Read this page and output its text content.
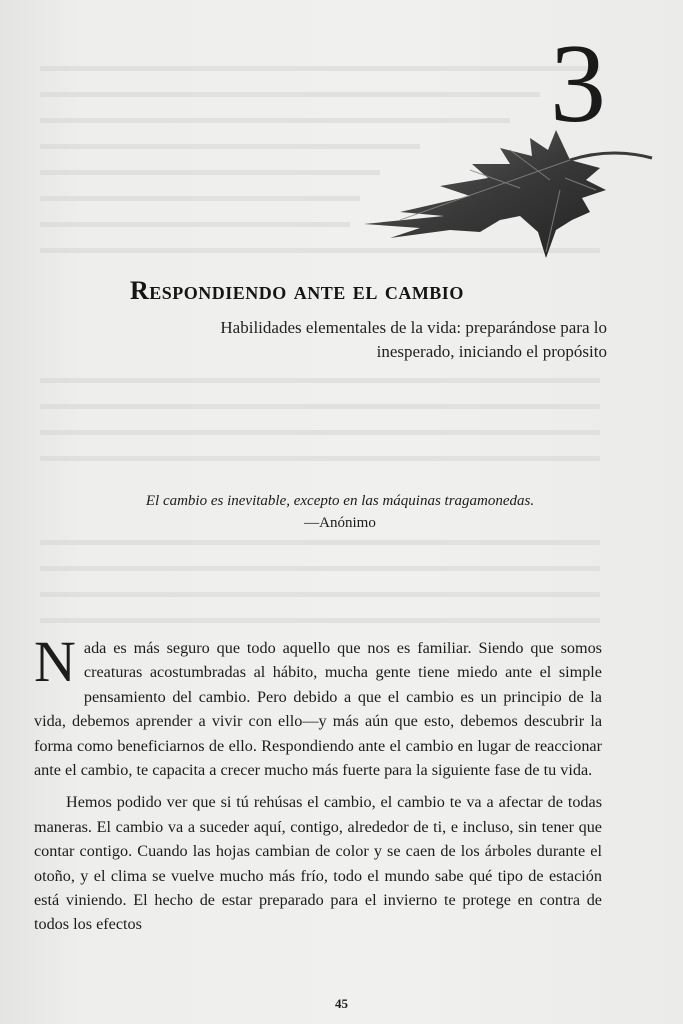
3
Respondiendo ante el cambio
Habilidades elementales de la vida: preparándose para lo
inesperado, iniciando el propósito
El cambio es inevitable, excepto en las máquinas tragamonedas.
—Anónimo

Nada es más seguro que todo aquello que nos es familiar. Siendo que somos creaturas acostumbradas al hábito, mucha gente tiene miedo ante el simple pensamiento del cambio. Pero debido a que el cambio es un principio de la vida, debemos aprender a vivir con ello—y más aún que esto, debemos descubrir la forma como beneficiarnos de ello. Respondiendo ante el cambio en lugar de reaccionar ante el cambio, te capacita a crecer mucho más fuerte para la siguiente fase de tu vida.

Hemos podido ver que si tú rehúsas el cambio, el cambio te va a afectar de todas maneras. El cambio va a suceder aquí, contigo, alrededor de ti, e incluso, sin tener que contar contigo. Cuando las hojas cambian de color y se caen de los árboles durante el otoño, y el clima se vuelve mucho más frío, todo el mundo sabe qué tipo de estación está viniendo. El hecho de estar preparado para el invierno te protege en contra de todos los efectos

45
